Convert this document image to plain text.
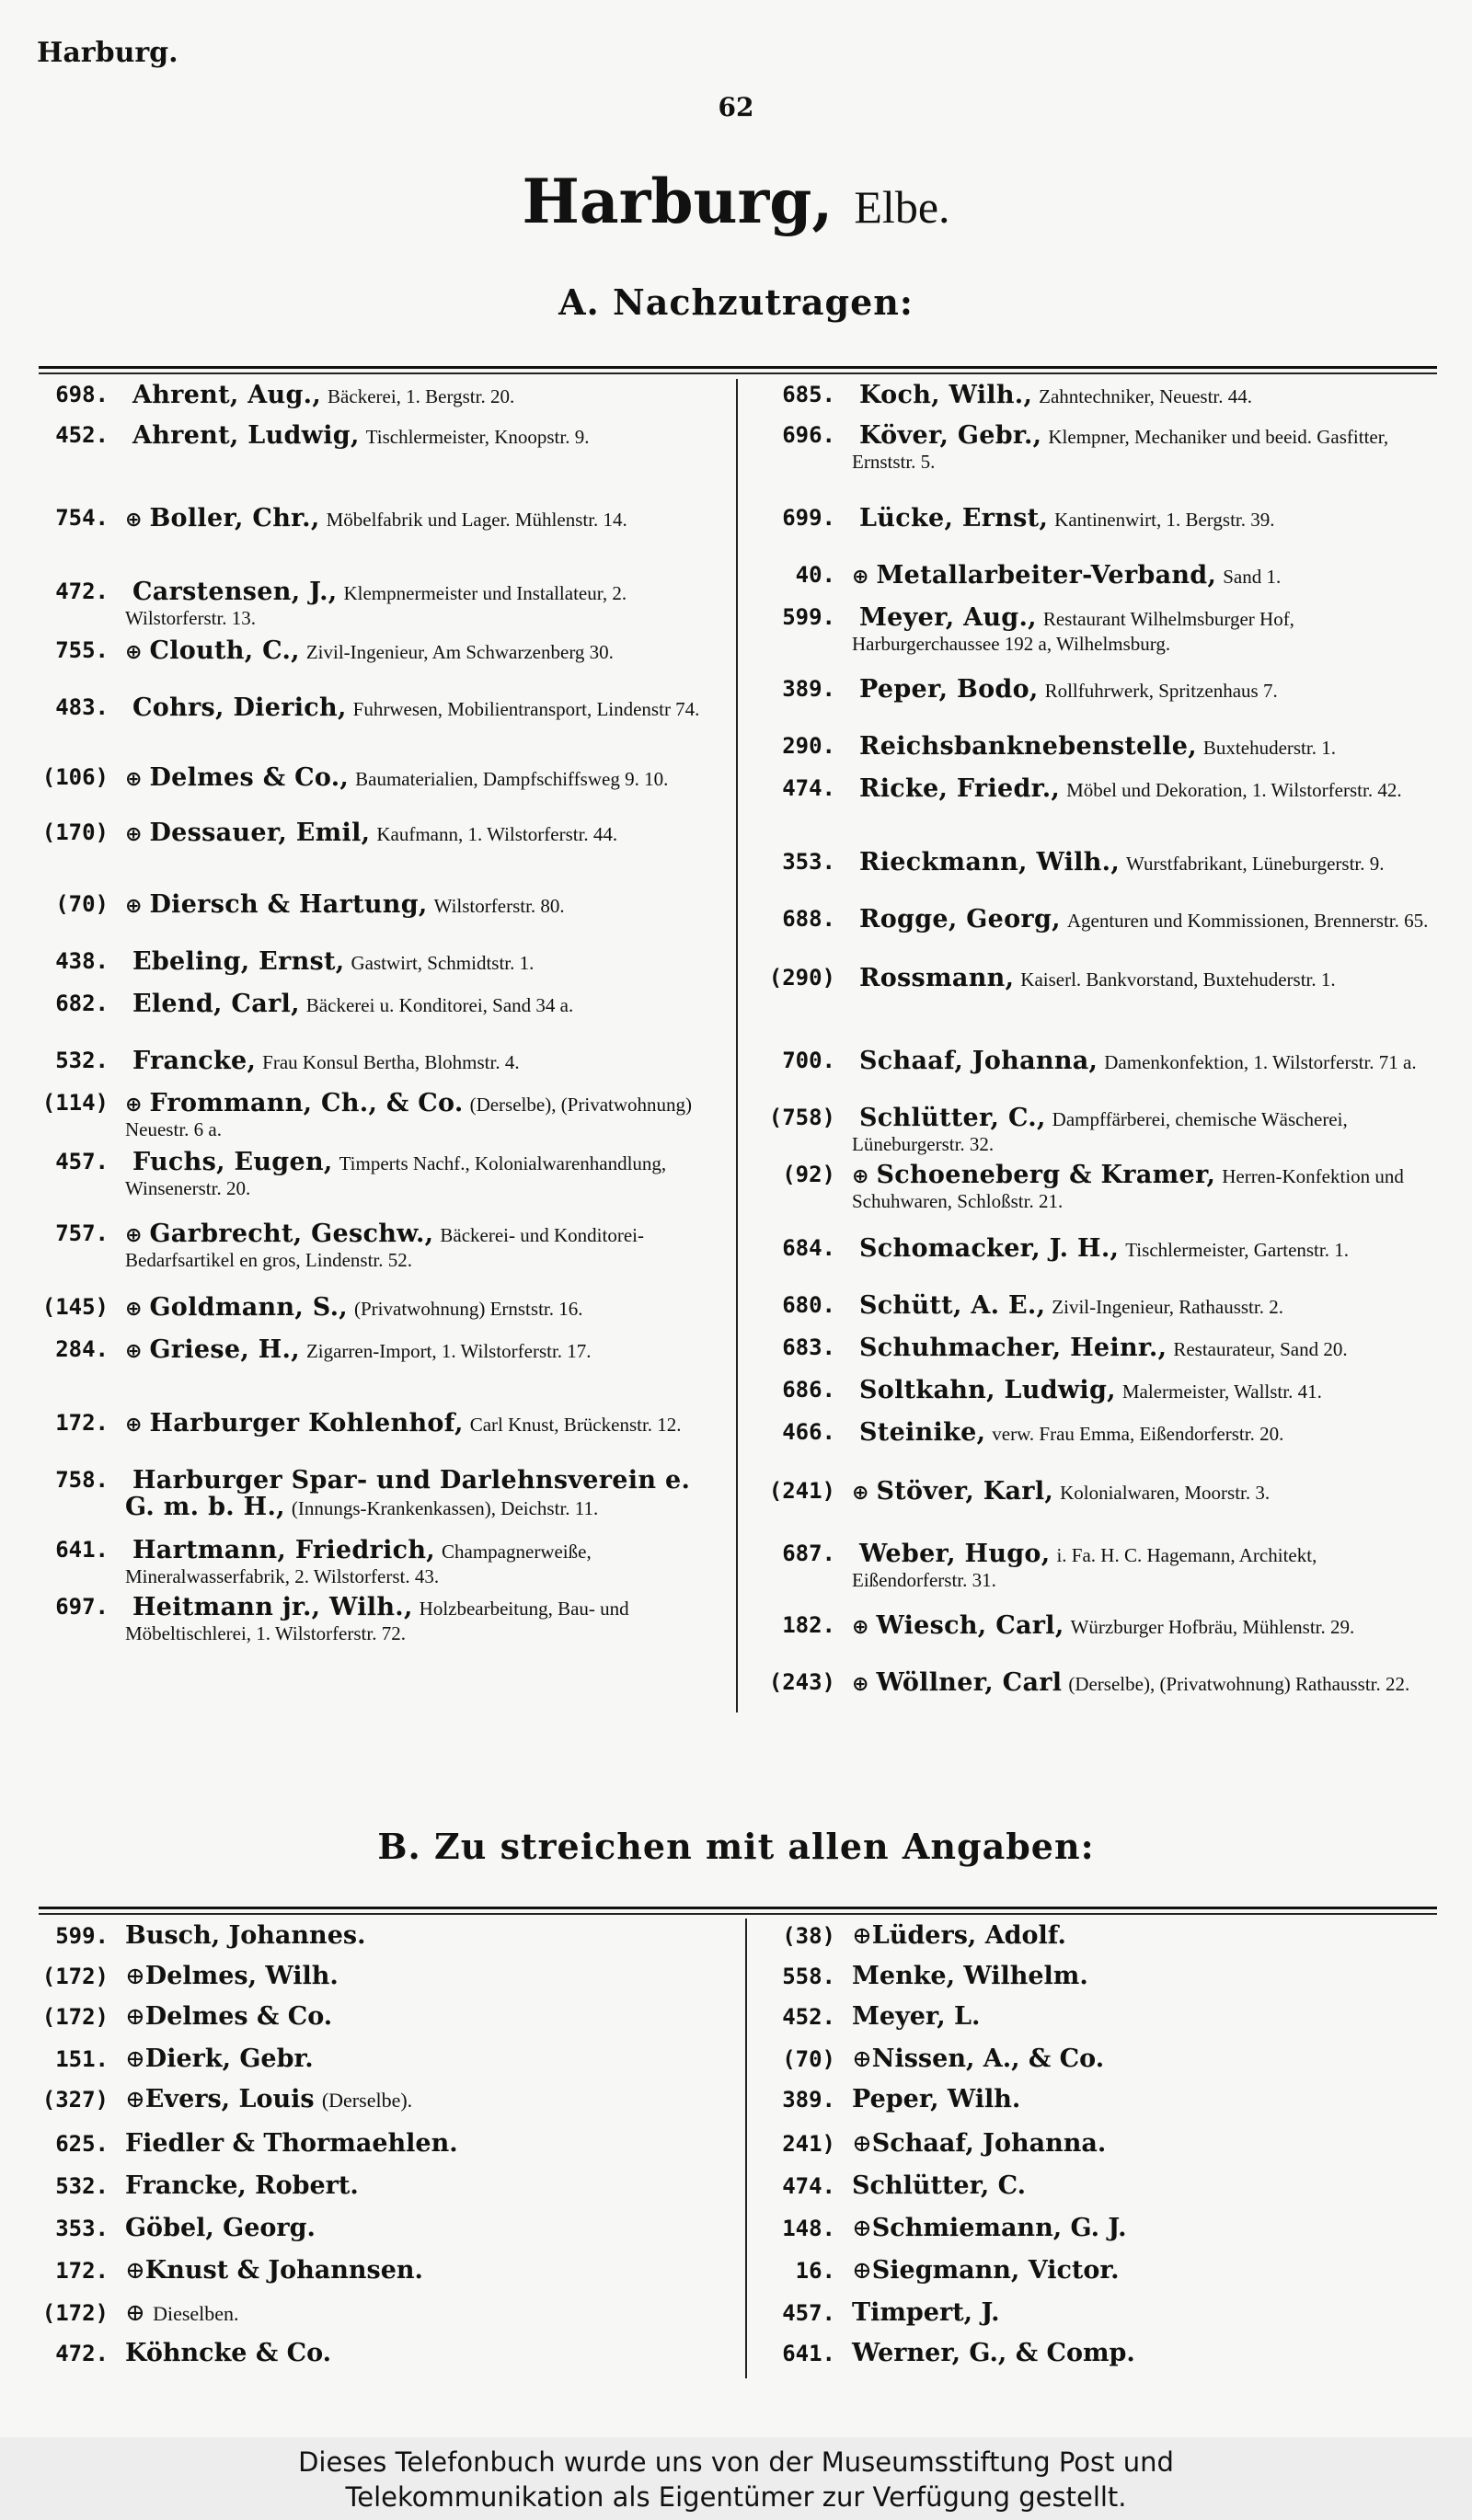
Harburg.
62
Harburg, Elbe.
A. Nachzutragen:
698. Ahrent, Aug., Bäckerei, 1. Bergstr. 20.
452. Ahrent, Ludwig, Tischlermeister, Knoopstr. 9.
754. ⊕ Boller, Chr., Möbelfabrik und Lager. Mühlenstr. 14.
472. Carstensen, J., Klempnermeister und Installateur, 2. Wilstorferstr. 13.
755. ⊕ Clouth, C., Zivil-Ingenieur, Am Schwarzenberg 30.
483. Cohrs, Dierich, Fuhrwesen, Mobilientransport, Lindenstr 74.
(106) ⊕ Delmes & Co., Baumaterialien, Dampfschiffsweg 9. 10.
(170) ⊕ Dessauer, Emil, Kaufmann, 1. Wilstorferstr. 44.
(70) ⊕ Diersch & Hartung, Wilstorferstr. 80.
438. Ebeling, Ernst, Gastwirt, Schmidtstr. 1.
682. Elend, Carl, Bäckerei u. Konditorei, Sand 34 a.
532. Francke, Frau Konsul Bertha, Blohmstr. 4.
(114) ⊕ Frommann, Ch., & Co. (Derselbe), (Privatwohnung) Neuestr. 6 a.
457. Fuchs, Eugen, Timperts Nachf., Kolonialwarenhandlung, Winsenerstr. 20.
757. ⊕ Garbrecht, Geschw., Bäckerei- und Konditorei-Bedarfsartikel en gros, Lindenstr. 52.
(145) ⊕ Goldmann, S., (Privatwohnung) Ernststr. 16.
284. ⊕ Griese, H., Zigarren-Import, 1. Wilstorferstr. 17.
172. ⊕ Harburger Kohlenhof, Carl Knust, Brückenstr. 12.
758. Harburger Spar- und Darlehnsverein e. G. m. b. H., (Innungs-Krankenkassen), Deichstr. 11.
641. Hartmann, Friedrich, Champagnerweiße, Mineralwasserfabrik, 2. Wilstorferst. 43.
697. Heitmann jr., Wilh., Holzbearbeitung, Bau- und Möbeltischlerei, 1. Wilstorferstr. 72.
685. Koch, Wilh., Zahntechniker, Neuestr. 44.
696. Köver, Gebr., Klempner, Mechaniker und beeid. Gasfitter, Ernststr. 5.
699. Lücke, Ernst, Kantinenwirt, 1. Bergstr. 39.
40. ⊕ Metallarbeiter-Verband, Sand 1.
599. Meyer, Aug., Restaurant Wilhelmsburger Hof, Harburgerchaussee 192 a, Wilhelmsburg.
389. Peper, Bodo, Rollfuhrwerk, Spritzenhaus 7.
290. Reichsbanknebenstelle, Buxtehuderstr. 1.
474. Ricke, Friedr., Möbel und Dekoration, 1. Wilstorferstr. 42.
353. Rieckmann, Wilh., Wurstfabrikant, Lüneburgerstr. 9.
688. Rogge, Georg, Agenturen und Kommissionen, Brennerstr. 65.
(290) Rossmann, Kaiserl. Bankvorstand, Buxtehuderstr. 1.
700. Schaaf, Johanna, Damenkonfektion, 1. Wilstorferstr. 71 a.
(758) Schlütter, C., Dampffärberei, chemische Wäscherei, Lüneburgerstr. 32.
(92) ⊕ Schoeneberg & Kramer, Herren-Konfektion und Schuhwaren, Schloßstr. 21.
684. Schomacker, J. H., Tischlermeister, Gartenstr. 1.
680. Schütt, A. E., Zivil-Ingenieur, Rathausstr. 2.
683. Schuhmacher, Heinr., Restaurateur, Sand 20.
686. Soltkahn, Ludwig, Malermeister, Wallstr. 41.
466. Steinike, verw. Frau Emma, Eißendorferstr. 20.
(241) ⊕ Stöver, Karl, Kolonialwaren, Moorstr. 3.
687. Weber, Hugo, i. Fa. H. C. Hagemann, Architekt, Eißendorferstr. 31.
182. ⊕ Wiesch, Carl, Würzburger Hofbräu, Mühlenstr. 29.
(243) ⊕ Wöllner, Carl (Derselbe), (Privatwohnung) Rathausstr. 22.
B. Zu streichen mit allen Angaben:
599. Busch, Johannes.
(172) ⊕Delmes, Wilh.
(172) ⊕Delmes & Co.
151. ⊕Dierk, Gebr.
(327) ⊕Evers, Louis (Derselbe).
625. Fiedler & Thormaehlen.
532. Francke, Robert.
353. Göbel, Georg.
172. ⊕Knust & Johannsen.
(172) ⊕ Dieselben.
472. Köhncke & Co.
(38) ⊕Lüders, Adolf.
558. Menke, Wilhelm.
452. Meyer, L.
(70) ⊕Nissen, A., & Co.
389. Peper, Wilh.
241) ⊕Schaaf, Johanna.
474. Schlütter, C.
148. ⊕Schmiemann, G. J.
16. ⊕Siegmann, Victor.
457. Timpert, J.
641. Werner, G., & Comp.
Dieses Telefonbuch wurde uns von der Museumsstiftung Post und
Telekommunikation als Eigentümer zur Verfügung gestellt.
